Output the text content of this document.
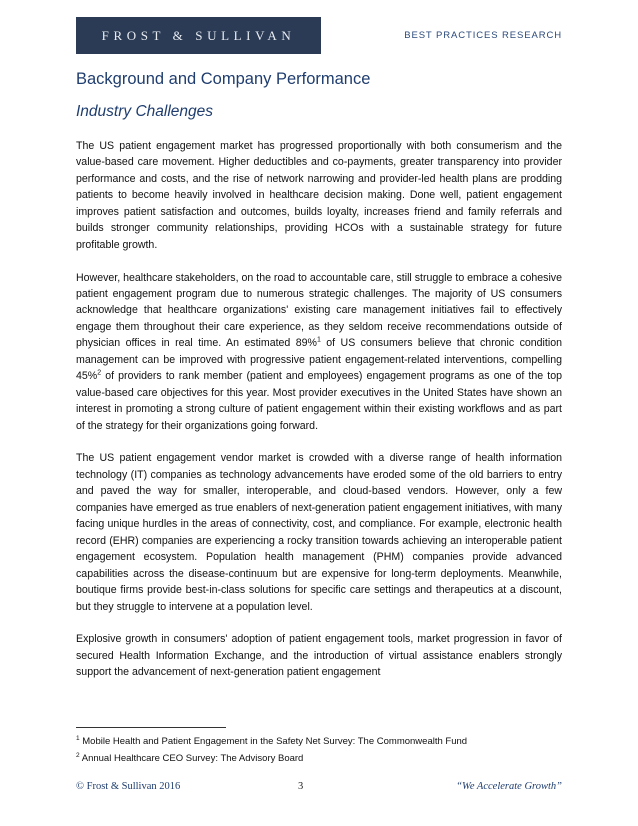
FROST & SULLIVAN	BEST PRACTICES RESEARCH
Background and Company Performance
Industry Challenges

The US patient engagement market has progressed proportionally with both consumerism and the value-based care movement. Higher deductibles and co-payments, greater transparency into provider performance and costs, and the rise of network narrowing and provider-led health plans are prodding patients to become heavily involved in healthcare decision making. Done well, patient engagement improves patient satisfaction and outcomes, builds loyalty, increases friend and family referrals and builds stronger community relationships, providing HCOs with a sustainable strategy for future profitable growth.

However, healthcare stakeholders, on the road to accountable care, still struggle to embrace a cohesive patient engagement program due to numerous strategic challenges. The majority of US consumers acknowledge that healthcare organizations' existing care management initiatives fail to effectively engage them throughout their care experience, as they seldom receive recommendations outside of physician offices in real time. An estimated 89%$^1$ of US consumers believe that chronic condition management can be improved with progressive patient engagement-related interventions, compelling 45%$^2$ of providers to rank member (patient and employees) engagement programs as one of the top value-based care objectives for this year. Most provider executives in the United States have shown an interest in promoting a strong culture of patient engagement within their existing workflows and as part of the strategy for their organizations going forward.

The US patient engagement vendor market is crowded with a diverse range of health information technology (IT) companies as technology advancements have eroded some of the old barriers to entry and paved the way for smaller, interoperable, and cloud-based vendors. However, only a few companies have emerged as true enablers of next-generation patient engagement initiatives, with many facing unique hurdles in the areas of connectivity, cost, and compliance. For example, electronic health record (EHR) companies are experiencing a rocky transition towards achieving an interoperable patient engagement ecosystem. Population health management (PHM) companies provide advanced capabilities across the disease-continuum but are expensive for long-term deployments. Meanwhile, boutique firms provide best-in-class solutions for specific care settings and therapeutics at a discount, but they struggle to intervene at a population level.

Explosive growth in consumers' adoption of patient engagement tools, market progression in favor of secured Health Information Exchange, and the introduction of virtual assistance enablers strongly support the advancement of next-generation patient engagement

$^1$ Mobile Health and Patient Engagement in the Safety Net Survey: The Commonwealth Fund

$^2$ Annual Healthcare CEO Survey: The Advisory Board

© Frost & Sullivan 2016	3	“We Accelerate Growth”
